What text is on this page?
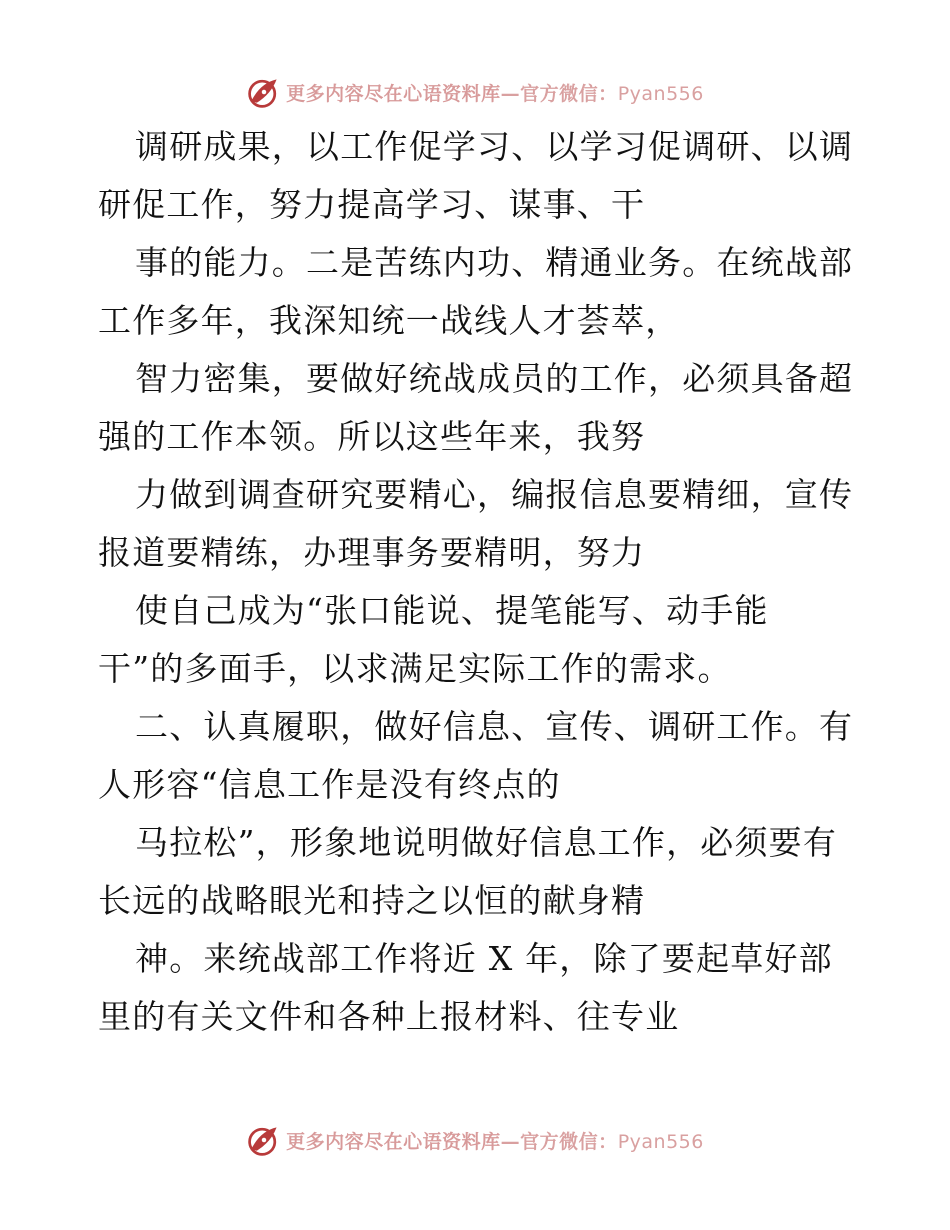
更多内容尽在心语资料库—官方微信：Pyan556
调研成果，以工作促学习、以学习促调研、以调
研促工作，努力提高学习、谋事、干
事的能力。二是苦练内功、精通业务。在统战部
工作多年，我深知统一战线人才荟萃，
智力密集，要做好统战成员的工作，必须具备超
强的工作本领。所以这些年来，我努
力做到调查研究要精心，编报信息要精细，宣传
报道要精练，办理事务要精明，努力
使自己成为“张口能说、提笔能写、动手能
干”的多面手，以求满足实际工作的需求。
二、认真履职，做好信息、宣传、调研工作。有
人形容“信息工作是没有终点的
马拉松”，形象地说明做好信息工作，必须要有
长远的战略眼光和持之以恒的献身精
神。来统战部工作将近 X 年，除了要起草好部
里的有关文件和各种上报材料、往专业
更多内容尽在心语资料库—官方微信：Pyan556
